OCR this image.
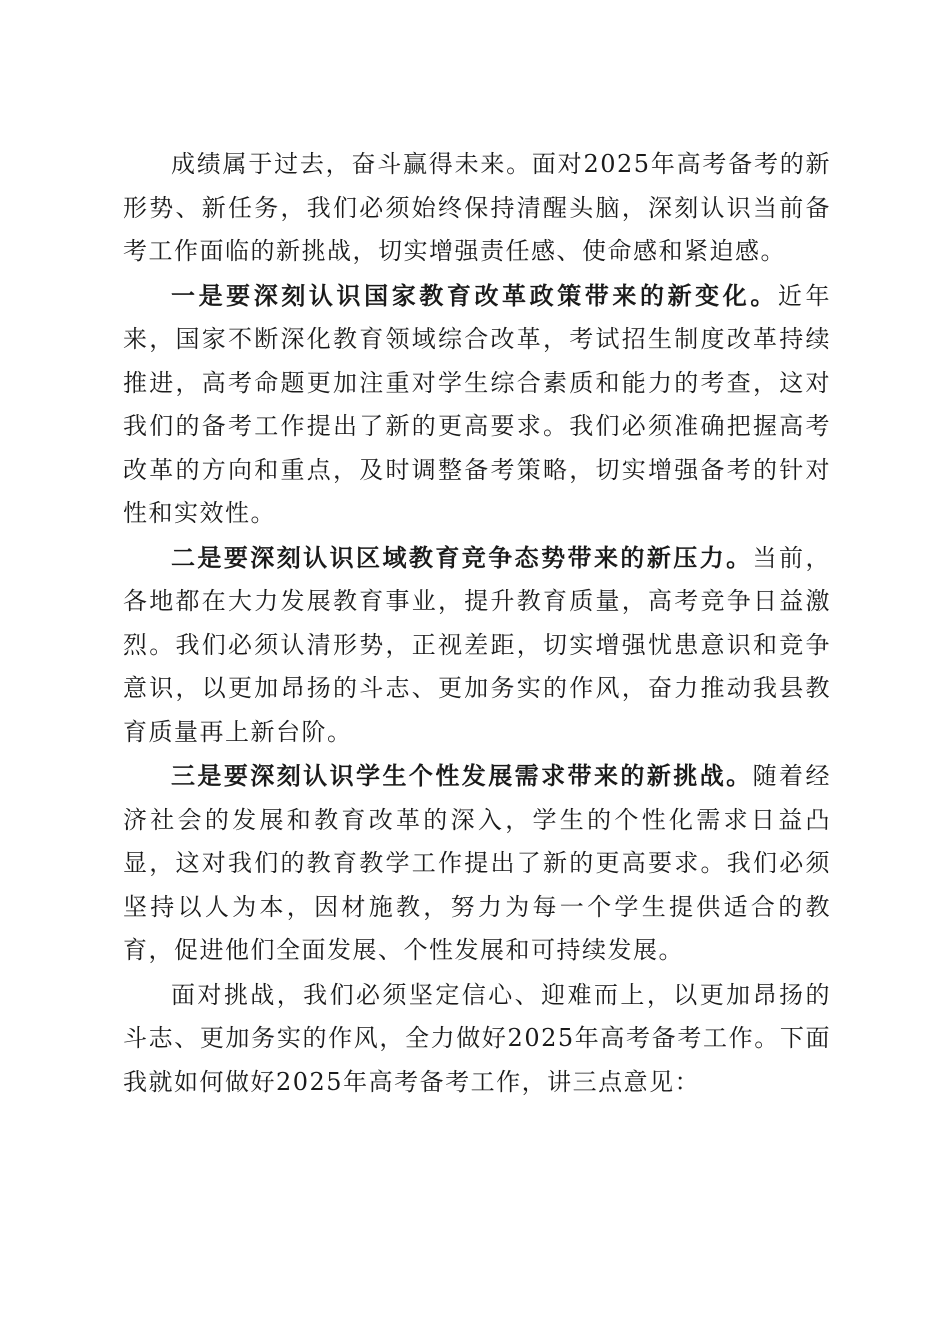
成绩属于过去，奋斗赢得未来。面对2025年高考备考的新形势、新任务，我们必须始终保持清醒头脑，深刻认识当前备考工作面临的新挑战，切实增强责任感、使命感和紧迫感。

一是要深刻认识国家教育改革政策带来的新变化。近年来，国家不断深化教育领域综合改革，考试招生制度改革持续推进，高考命题更加注重对学生综合素质和能力的考查，这对我们的备考工作提出了新的更高要求。我们必须准确把握高考改革的方向和重点，及时调整备考策略，切实增强备考的针对性和实效性。

二是要深刻认识区域教育竞争态势带来的新压力。当前，各地都在大力发展教育事业，提升教育质量，高考竞争日益激烈。我们必须认清形势，正视差距，切实增强忧患意识和竞争意识，以更加昂扬的斗志、更加务实的作风，奋力推动我县教育质量再上新台阶。

三是要深刻认识学生个性发展需求带来的新挑战。随着经济社会的发展和教育改革的深入，学生的个性化需求日益凸显，这对我们的教育教学工作提出了新的更高要求。我们必须坚持以人为本，因材施教，努力为每一个学生提供适合的教育，促进他们全面发展、个性发展和可持续发展。

面对挑战，我们必须坚定信心、迎难而上，以更加昂扬的斗志、更加务实的作风，全力做好2025年高考备考工作。下面我就如何做好2025年高考备考工作，讲三点意见：
